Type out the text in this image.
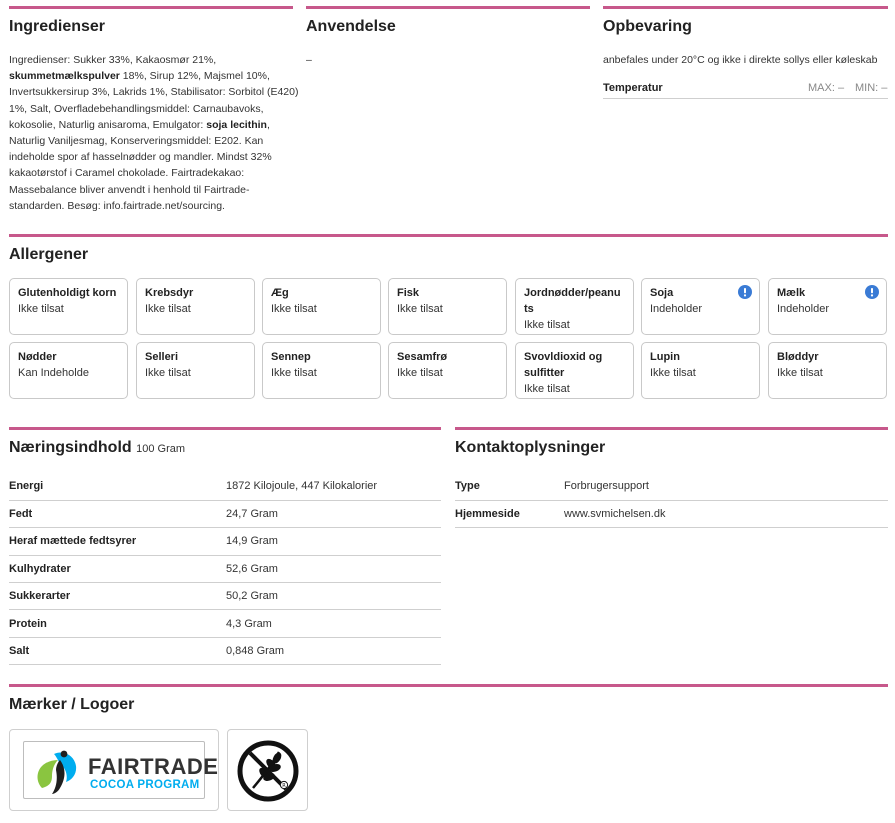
Ingredienser
Ingredienser: Sukker 33%, Kakaosmør 21%, skummetmælkspulver 18%, Sirup 12%, Majsmel 10%, Invertsukkersirup 3%, Lakrids 1%, Stabilisator: Sorbitol (E420) 1%, Salt, Overfladebehandlingsmiddel: Carnaubavoks, kokosolie, Naturlig anisaroma, Emulgator: soja lecithin, Naturlig Vaniljesmag, Konserveringsmiddel: E202. Kan indeholde spor af hasselnødder og mandler. Mindst 32% kakaotørstof i Caramel chokolade. Fairtradekakao: Massebalance bliver anvendt i henhold til Fairtrade-standarden. Besøg: info.fairtrade.net/sourcing.
Anvendelse
–
Opbevaring
anbefales under 20°C og ikke i direkte sollys eller køleskab
Temperatur	MAX: – MIN: –
Allergener
Glutenholdigt korn
Ikke tilsat
Krebsdyr
Ikke tilsat
Æg
Ikke tilsat
Fisk
Ikke tilsat
Jordnødder/peanu ts
Ikke tilsat
Soja
Indeholder
Mælk
Indeholder
Nødder
Kan Indeholde
Selleri
Ikke tilsat
Sennep
Ikke tilsat
Sesamfrø
Ikke tilsat
Svovldioxid og sulfitter
Ikke tilsat
Lupin
Ikke tilsat
Bløddyr
Ikke tilsat
Næringsindhold 100 Gram
Energi	1872 Kilojoule, 447 Kilokalorier
Fedt	24,7 Gram
Heraf mættede fedtsyrer	14,9 Gram
Kulhydrater	52,6 Gram
Sukkerarter	50,2 Gram
Protein	4,3 Gram
Salt	0,848 Gram
Kontaktoplysninger
Type	Forbrugersupport
Hjemmeside	www.svmichelsen.dk
Mærker / Logoer
FAIRTRADE
COCOA PROGRAM	R
